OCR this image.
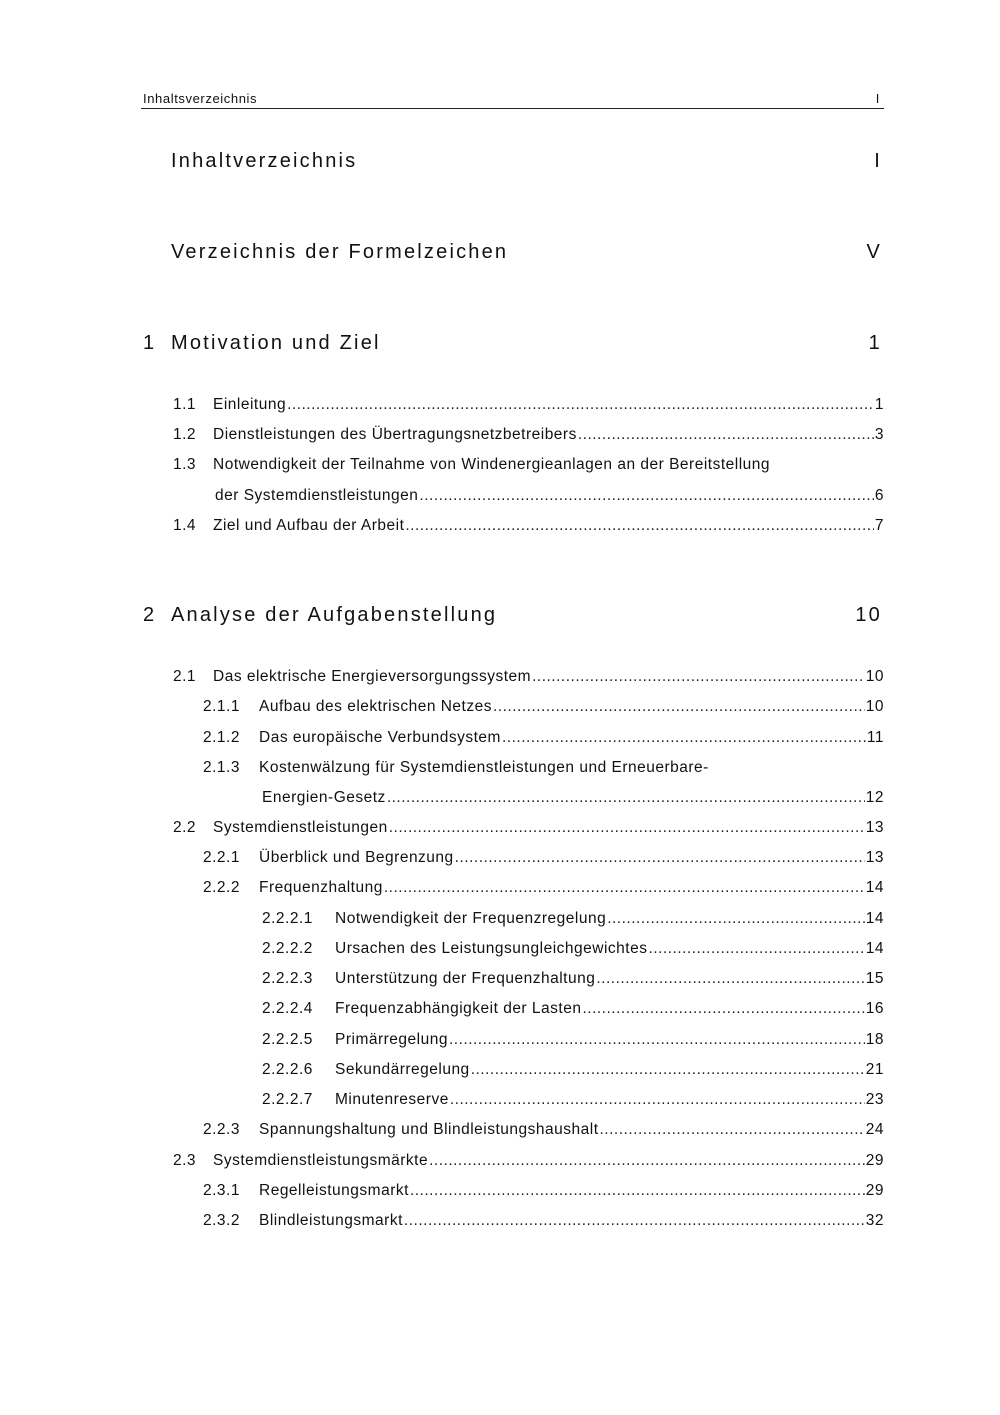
Inhaltsverzeichnis	I
Inhaltverzeichnis	I
Verzeichnis der Formelzeichen	V
1 Motivation und Ziel	1
1.1	Einleitung .....	1
1.2	Dienstleistungen des Übertragungsnetzbetreibers .....	3
1.3 Notwendigkeit der Teilnahme von Windenergieanlagen an der Bereitstellung
der Systemdienstleistungen .....	6
1.4	Ziel und Aufbau der Arbeit .....	7
2 Analyse der Aufgabenstellung	10
2.1	Das elektrische Energieversorgungssystem .....	10
2.1.1	Aufbau des elektrischen Netzes .....	10
2.1.2	Das europäische Verbundsystem .....	11
2.1.3 Kostenwälzung für Systemdienstleistungen und Erneuerbare-
Energien-Gesetz .....	12
2.2	Systemdienstleistungen .....	13
2.2.1	Überblick und Begrenzung .....	13
2.2.2	Frequenzhaltung .....	14
2.2.2.1	Notwendigkeit der Frequenzregelung .....	14
2.2.2.2	Ursachen des Leistungsungleichgewichtes .....	14
2.2.2.3	Unterstützung der Frequenzhaltung .....	15
2.2.2.4	Frequenzabhängigkeit der Lasten .....	16
2.2.2.5	Primärregelung .....	18
2.2.2.6	Sekundärregelung .....	21
2.2.2.7	Minutenreserve .....	23
2.2.3	Spannungshaltung und Blindleistungshaushalt .....	24
2.3	Systemdienstleistungsmärkte .....	29
2.3.1	Regelleistungsmarkt .....	29
2.3.2	Blindleistungsmarkt .....	32
